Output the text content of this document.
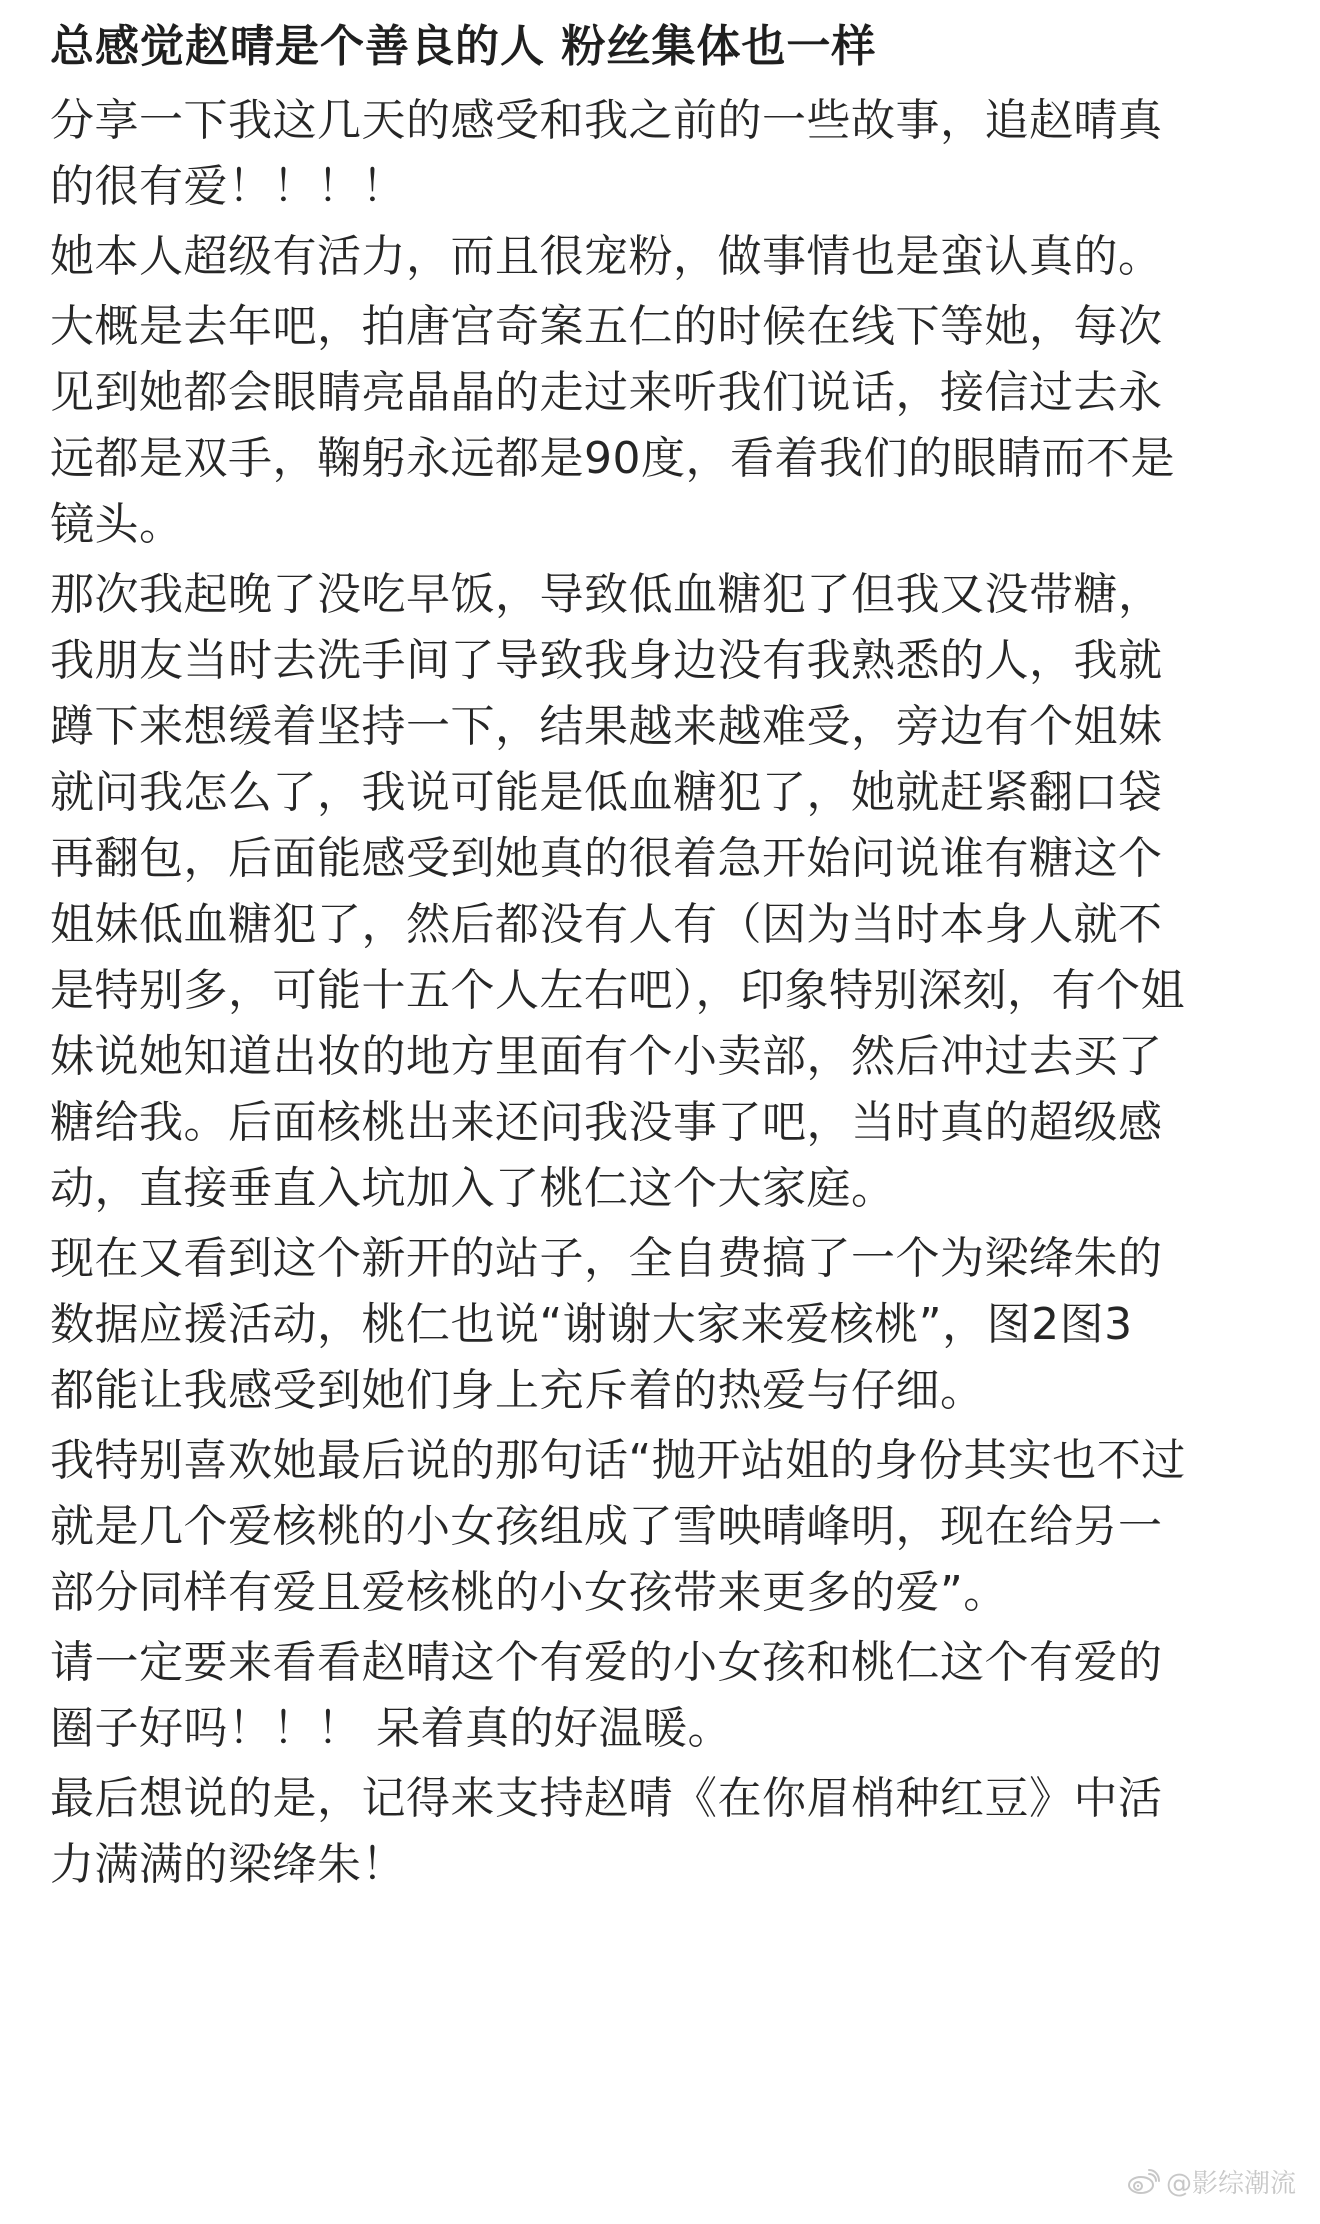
总感觉赵晴是个善良的人 粉丝集体也一样
分享一下我这几天的感受和我之前的一些故事，追赵晴真
的很有爱！！！！
她本人超级有活力，而且很宠粉，做事情也是蛮认真的。
大概是去年吧，拍唐宫奇案五仁的时候在线下等她，每次
见到她都会眼睛亮晶晶的走过来听我们说话，接信过去永
远都是双手，鞠躬永远都是90度，看着我们的眼睛而不是
镜头。
那次我起晚了没吃早饭，导致低血糖犯了但我又没带糖，
我朋友当时去洗手间了导致我身边没有我熟悉的人，我就
蹲下来想缓着坚持一下，结果越来越难受，旁边有个姐妹
就问我怎么了，我说可能是低血糖犯了，她就赶紧翻口袋
再翻包，后面能感受到她真的很着急开始问说谁有糖这个
姐妹低血糖犯了，然后都没有人有（因为当时本身人就不
是特别多，可能十五个人左右吧），印象特别深刻，有个姐
妹说她知道出妆的地方里面有个小卖部，然后冲过去买了
糖给我。后面核桃出来还问我没事了吧，当时真的超级感
动，直接垂直入坑加入了桃仁这个大家庭。
现在又看到这个新开的站子，全自费搞了一个为梁绛朱的
数据应援活动，桃仁也说“谢谢大家来爱核桃”，图2图3
都能让我感受到她们身上充斥着的热爱与仔细。
我特别喜欢她最后说的那句话“抛开站姐的身份其实也不过
就是几个爱核桃的小女孩组成了雪映晴峰明，现在给另一
部分同样有爱且爱核桃的小女孩带来更多的爱”。
请一定要来看看赵晴这个有爱的小女孩和桃仁这个有爱的
圈子好吗！！！ 呆着真的好温暖。
最后想说的是，记得来支持赵晴《在你眉梢种红豆》中活
力满满的梁绛朱！
@影综潮流
